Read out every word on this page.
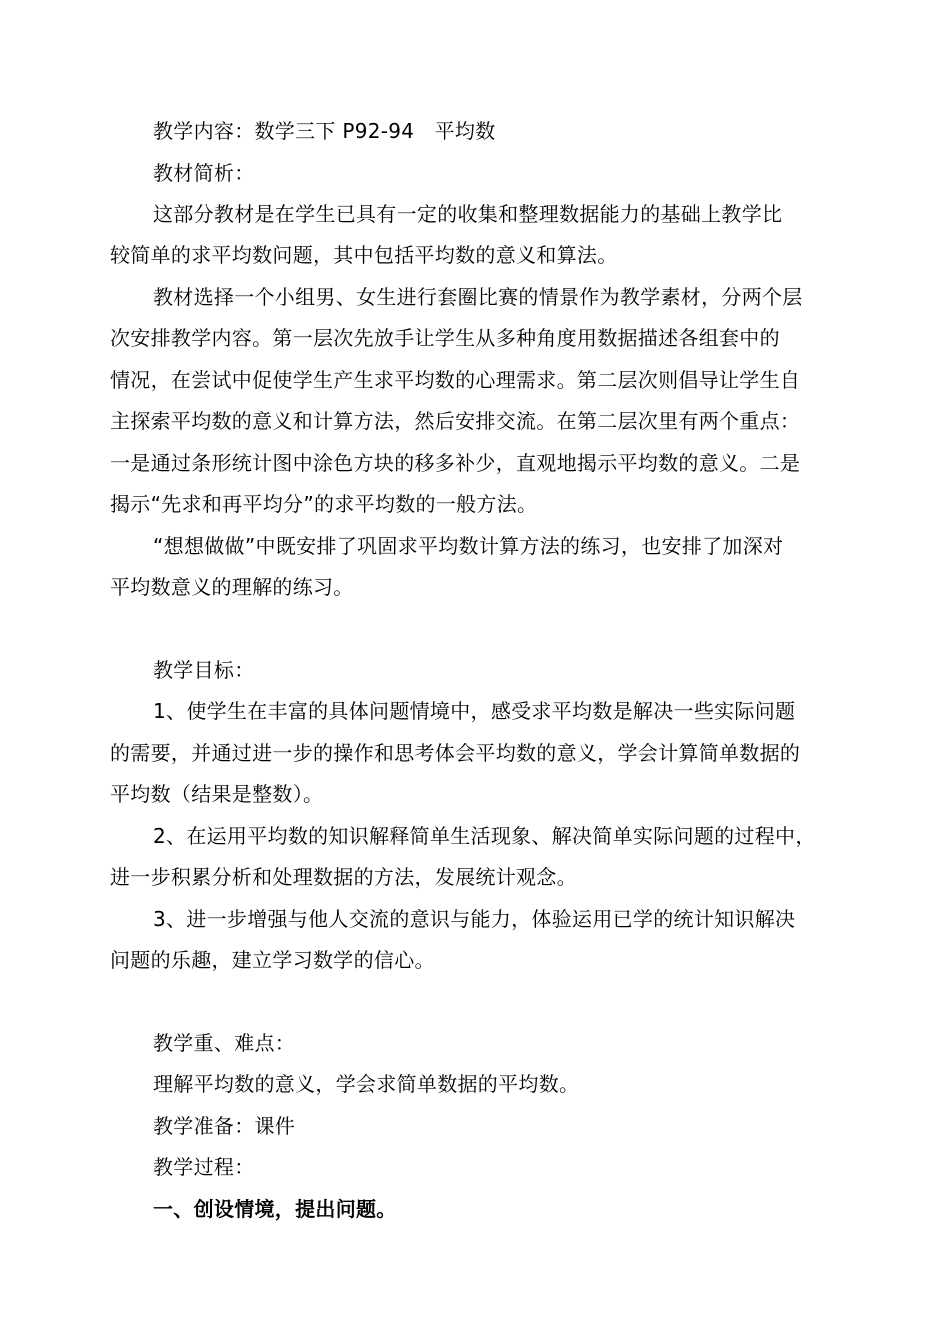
教学内容：数学三下 P92-94　平均数
教材简析：
这部分教材是在学生已具有一定的收集和整理数据能力的基础上教学比
较简单的求平均数问题，其中包括平均数的意义和算法。
教材选择一个小组男、女生进行套圈比赛的情景作为教学素材，分两个层
次安排教学内容。第一层次先放手让学生从多种角度用数据描述各组套中的
情况，在尝试中促使学生产生求平均数的心理需求。第二层次则倡导让学生自
主探索平均数的意义和计算方法，然后安排交流。在第二层次里有两个重点：
一是通过条形统计图中涂色方块的移多补少，直观地揭示平均数的意义。二是
揭示“先求和再平均分”的求平均数的一般方法。
“想想做做”中既安排了巩固求平均数计算方法的练习，也安排了加深对
平均数意义的理解的练习。
教学目标：
1、使学生在丰富的具体问题情境中，感受求平均数是解决一些实际问题
的需要，并通过进一步的操作和思考体会平均数的意义，学会计算简单数据的
平均数（结果是整数）。
2、在运用平均数的知识解释简单生活现象、解决简单实际问题的过程中，
进一步积累分析和处理数据的方法，发展统计观念。
3、进一步增强与他人交流的意识与能力，体验运用已学的统计知识解决
问题的乐趣，建立学习数学的信心。
教学重、难点：
理解平均数的意义，学会求简单数据的平均数。
教学准备：课件
教学过程：
一、创设情境，提出问题。
